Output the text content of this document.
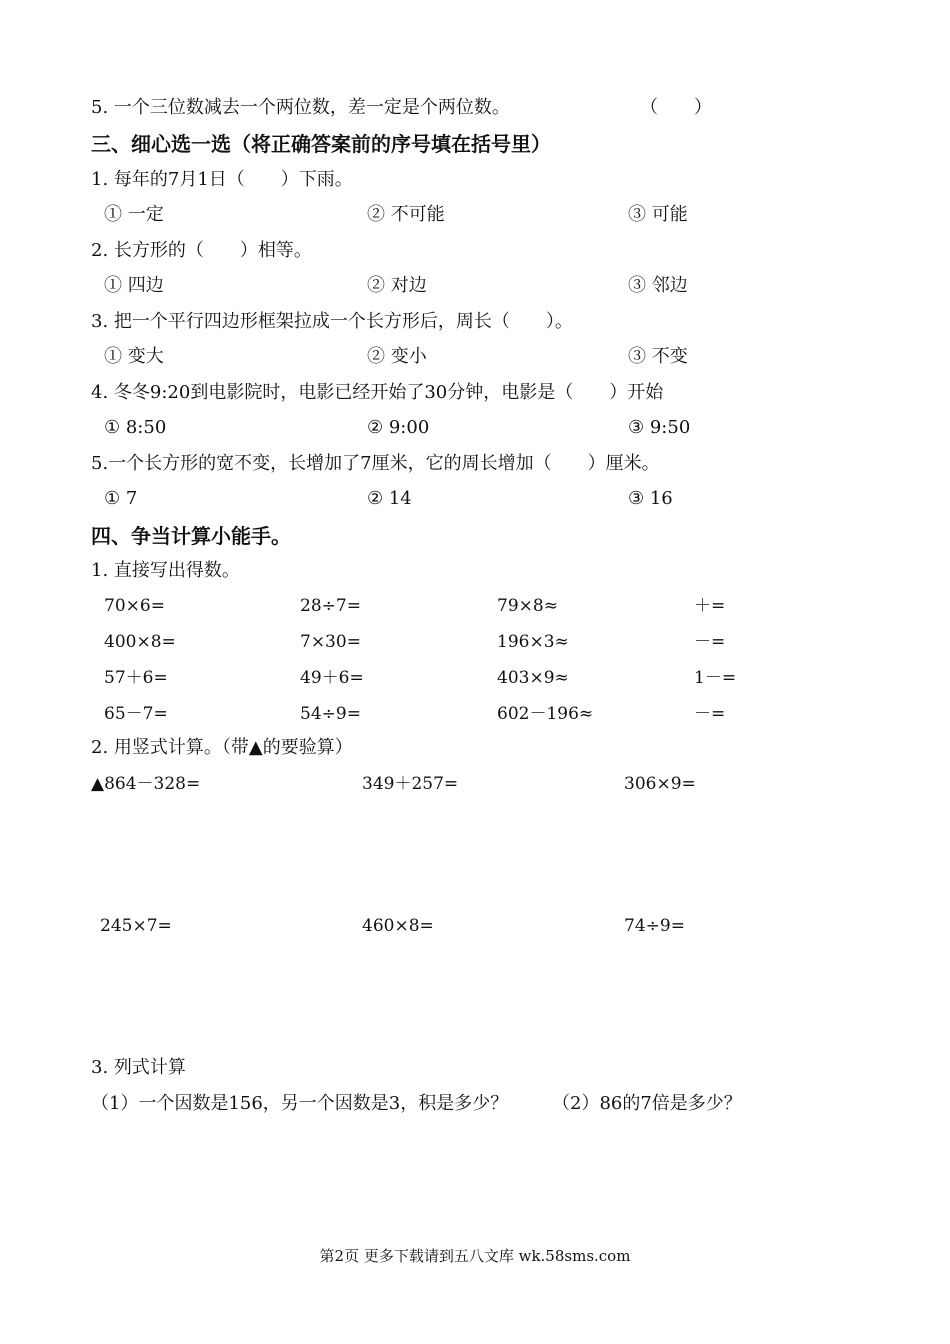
5. 一个三位数减去一个两位数，差一定是个两位数。	（　　）
三、细心选一选（将正确答案前的序号填在括号里）
1. 每年的7月1日（　　）下雨。
① 一定	② 不可能	③ 可能
2. 长方形的（　　）相等。
① 四边	② 对边	③ 邻边
3. 把一个平行四边形框架拉成一个长方形后，周长（　　）。
① 变大	② 变小	③ 不变
4. 冬冬9:20到电影院时，电影已经开始了30分钟，电影是（　　）开始
① 8:50	② 9:00	③ 9:50
5.一个长方形的宽不变，长增加了7厘米，它的周长增加（　　）厘米。
① 7	② 14	③ 16
四、争当计算小能手。
1. 直接写出得数。
70×6=	28÷7=	79×8≈	＋=
400×8=	7×30=	196×3≈	－=
57＋6=	49＋6=	403×9≈	1－=
65－7=	54÷9=	602－196≈	－=
2. 用竖式计算。（带▲的要验算）
▲864－328=	349＋257=	306×9=
245×7=	460×8=	74÷9=
3. 列式计算
（1）一个因数是156，另一个因数是3，积是多少？ （2）86的7倍是多少？
第2页 更多下载请到五八文库 wk.58sms.com
